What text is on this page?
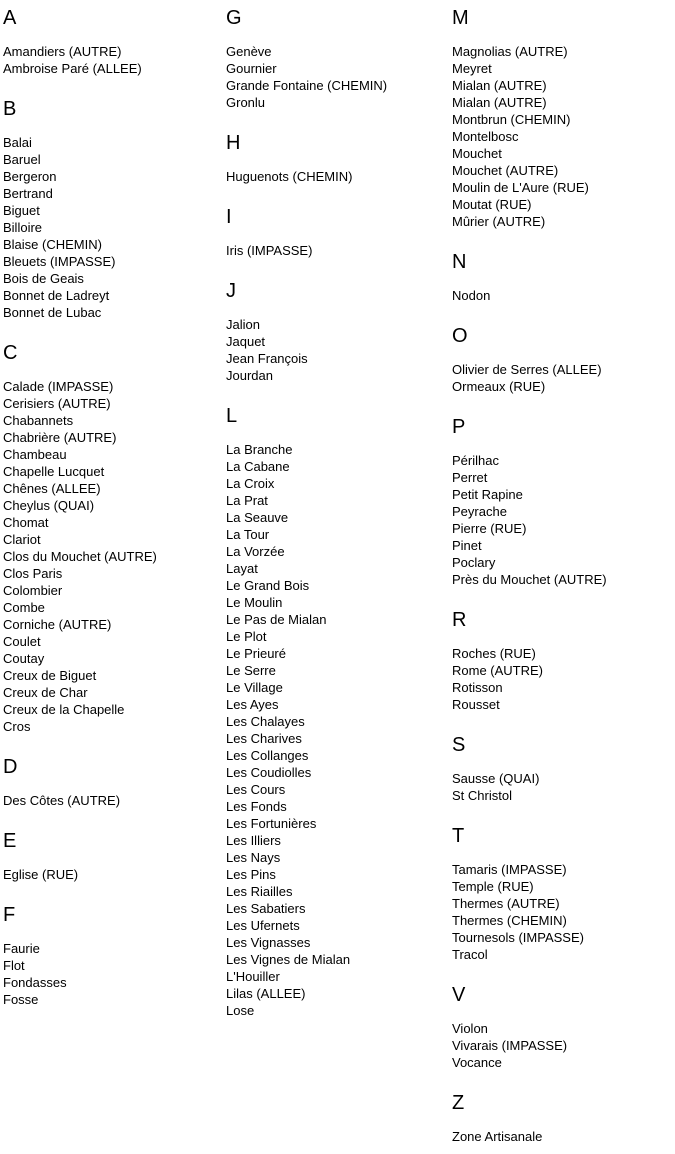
A
Amandiers (AUTRE)
Ambroise Paré (ALLEE)
B
Balai
Baruel
Bergeron
Bertrand
Biguet
Billoire
Blaise (CHEMIN)
Bleuets (IMPASSE)
Bois de Geais
Bonnet de Ladreyt
Bonnet de Lubac
C
Calade (IMPASSE)
Cerisiers (AUTRE)
Chabannets
Chabrière (AUTRE)
Chambeau
Chapelle Lucquet
Chênes (ALLEE)
Cheylus (QUAI)
Chomat
Clariot
Clos du Mouchet (AUTRE)
Clos Paris
Colombier
Combe
Corniche (AUTRE)
Coulet
Coutay
Creux de Biguet
Creux de Char
Creux de la Chapelle
Cros
D
Des Côtes (AUTRE)
E
Eglise (RUE)
F
Faurie
Flot
Fondasses
Fosse
G
Genève
Gournier
Grande Fontaine (CHEMIN)
Gronlu
H
Huguenots (CHEMIN)
I
Iris (IMPASSE)
J
Jalion
Jaquet
Jean François
Jourdan
L
La Branche
La Cabane
La Croix
La Prat
La Seauve
La Tour
La Vorzée
Layat
Le Grand Bois
Le Moulin
Le Pas de Mialan
Le Plot
Le Prieuré
Le Serre
Le Village
Les Ayes
Les Chalayes
Les Charives
Les Collanges
Les Coudiolles
Les Cours
Les Fonds
Les Fortunières
Les Illiers
Les Nays
Les Pins
Les Riailles
Les Sabatiers
Les Ufernets
Les Vignasses
Les Vignes de Mialan
L'Houiller
Lilas (ALLEE)
Lose
M
Magnolias (AUTRE)
Meyret
Mialan (AUTRE)
Mialan (AUTRE)
Montbrun (CHEMIN)
Montelbosc
Mouchet
Mouchet (AUTRE)
Moulin de L'Aure (RUE)
Moutat (RUE)
Mûrier (AUTRE)
N
Nodon
O
Olivier de Serres (ALLEE)
Ormeaux (RUE)
P
Périlhac
Perret
Petit Rapine
Peyrache
Pierre (RUE)
Pinet
Poclary
Près du Mouchet (AUTRE)
R
Roches (RUE)
Rome (AUTRE)
Rotisson
Rousset
S
Sausse (QUAI)
St Christol
T
Tamaris (IMPASSE)
Temple (RUE)
Thermes (AUTRE)
Thermes (CHEMIN)
Tournesols (IMPASSE)
Tracol
V
Violon
Vivarais (IMPASSE)
Vocance
Z
Zone Artisanale
